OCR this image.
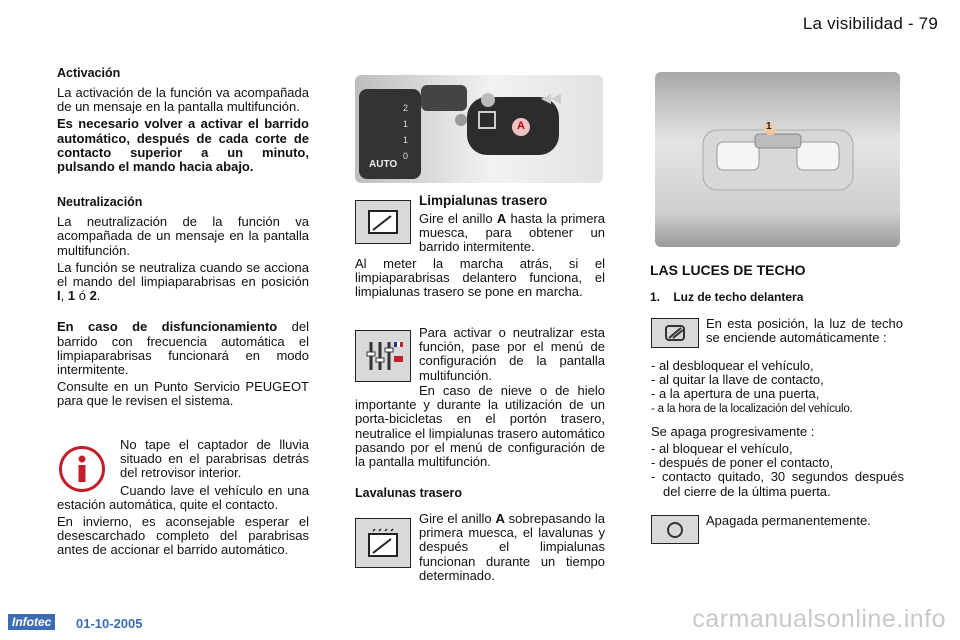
La visibilidad - 79
Activación

La activación de la función va acompañada de un mensaje en la pantalla multifunción.

Es necesario volver a activar el barrido automático, después de cada corte de contacto superior a un minuto, pulsando el mando hacia abajo.

Neutralización

La neutralización de la función va acompañada de un mensaje en la pantalla multifunción.

La función se neutraliza cuando se acciona el mando del limpiaparabrisas en posición I, 1 ó 2.

En caso de disfuncionamiento del barrido con frecuencia automática el limpiaparabrisas funcionará en modo intermitente.

Consulte en un Punto Servicio PEUGEOT para que le revisen el sistema.

No tape el captador de lluvia situado en el parabrisas detrás del retrovisor interior.

Cuando lave el vehículo en una estación automática, quite el contacto.

En invierno, es aconsejable esperar el desescarchado completo del parabrisas antes de accionar el barrido automático.

2
1
1
0
AUTO
A
Limpialunas trasero

Gire el anillo A hasta la primera muesca, para obtener un barrido intermitente.

Al meter la marcha atrás, si el limpiaparabrisas delantero funciona, el limpialunas trasero se pone en marcha.

Para activar o neutralizar esta función, pase por el menú de configuración de la pantalla multifunción.

En caso de nieve o de hielo importante y durante la utilización de un porta-bicicletas en el portón trasero, neutralice el limpialunas trasero automático pasando por el menú de configuración de la pantalla multifunción.

Lavalunas trasero

Gire el anillo A sobrepasando la primera muesca, el lavalunas y después el limpialunas funcionan durante un tiempo determinado.

1
LAS LUCES DE TECHO
1.    Luz de techo delantera

En esta posición, la luz de techo se enciende automáticamente :

- al desbloquear el vehículo,
- al quitar la llave de contacto,
- a la apertura de una puerta,
- a la hora de la localización del vehículo.

Se apaga progresivamente :

- al bloquear el vehículo,
- después de poner el contacto,
- contacto quitado, 30 segundos después del cierre de la última puerta.

Apagada permanentemente.

Infotec	01-10-2005	carmanualsonline.info
